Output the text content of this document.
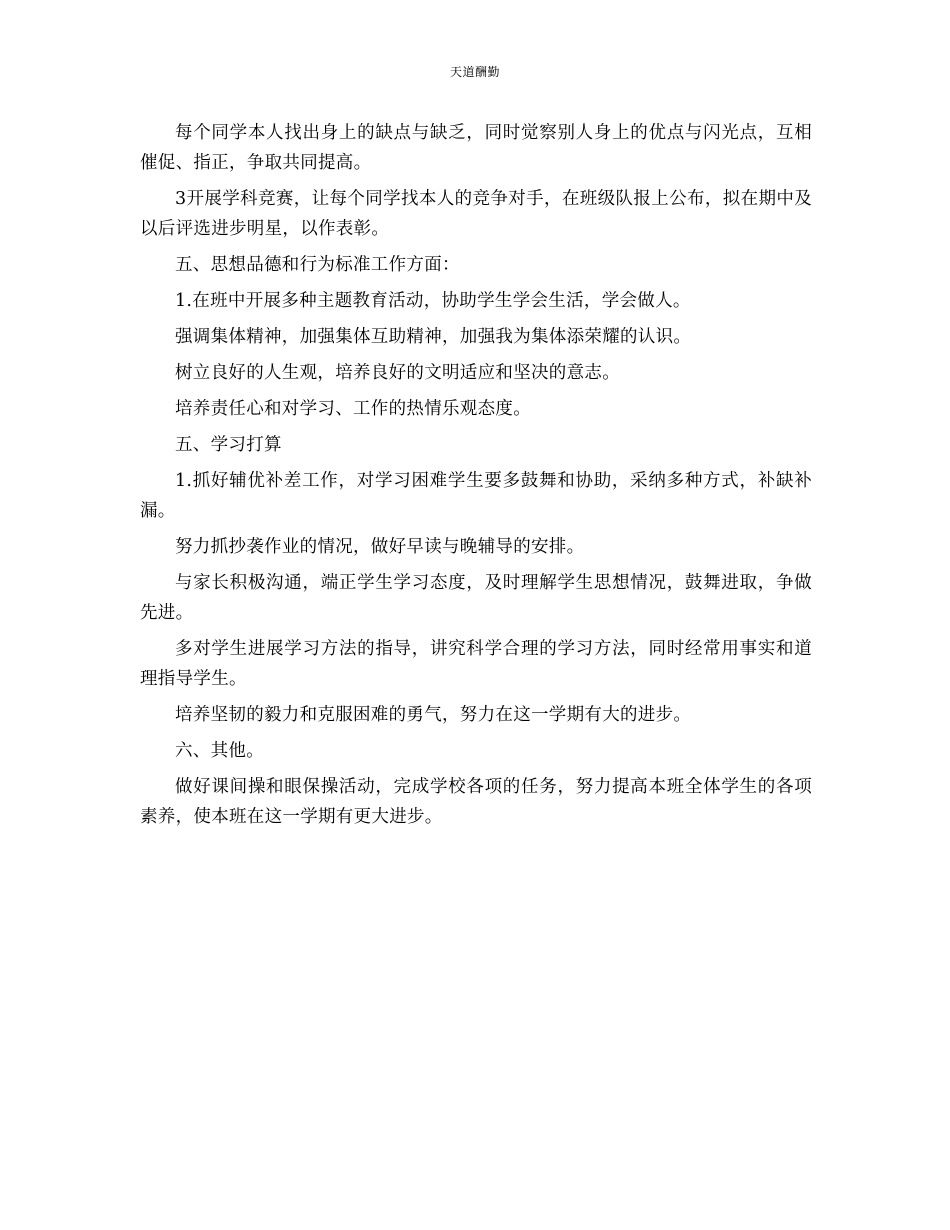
天道酬勤

每个同学本人找出身上的缺点与缺乏，同时觉察别人身上的优点与闪光点，互相催促、指正，争取共同提高。

3开展学科竞赛，让每个同学找本人的竞争对手，在班级队报上公布，拟在期中及以后评选进步明星，以作表彰。

五、思想品德和行为标准工作方面：

1.在班中开展多种主题教育活动，协助学生学会生活，学会做人。

强调集体精神，加强集体互助精神，加强我为集体添荣耀的认识。

树立良好的人生观，培养良好的文明适应和坚决的意志。

培养责任心和对学习、工作的热情乐观态度。

五、学习打算

1.抓好辅优补差工作，对学习困难学生要多鼓舞和协助，采纳多种方式，补缺补漏。

努力抓抄袭作业的情况，做好早读与晚辅导的安排。

与家长积极沟通，端正学生学习态度，及时理解学生思想情况，鼓舞进取，争做先进。

多对学生进展学习方法的指导，讲究科学合理的学习方法，同时经常用事实和道理指导学生。

培养坚韧的毅力和克服困难的勇气，努力在这一学期有大的进步。

六、其他。

做好课间操和眼保操活动，完成学校各项的任务，努力提高本班全体学生的各项素养，使本班在这一学期有更大进步。
